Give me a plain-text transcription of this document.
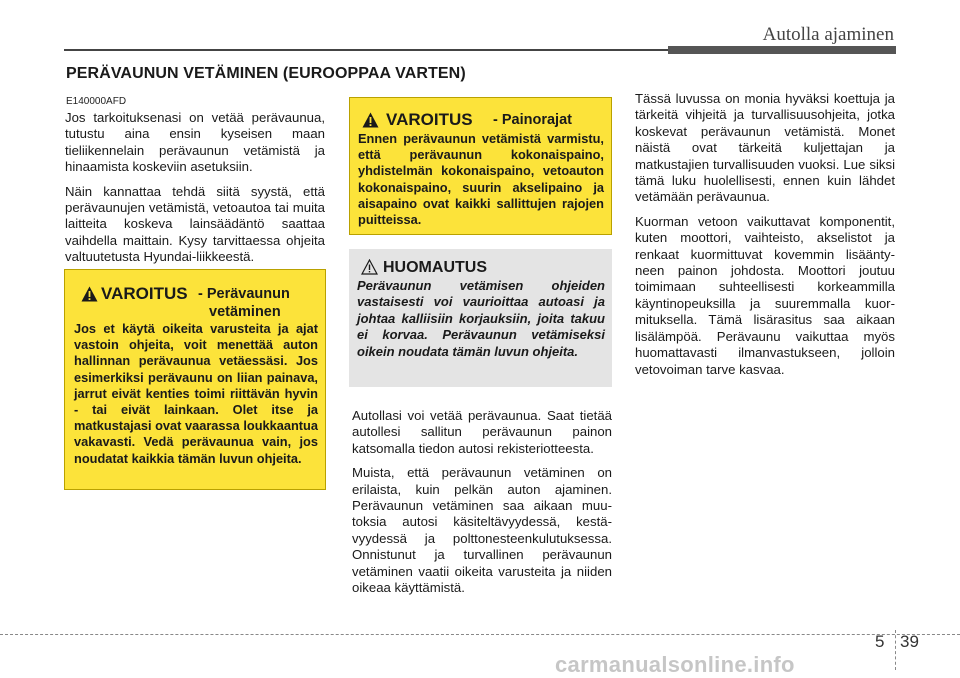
Autolla ajaminen
PERÄVAUNUN VETÄMINEN (EUROOPPAA VARTEN)
E140000AFD

Jos tarkoituksenasi on vetää perävaunua, tutustu aina ensin kyseisen maan tieliikennelain perävaunun vetämistä ja hinaamista koskeviin asetuksiin.

Näin kannattaa tehdä siitä syystä, että perävaunujen vetämistä, vetoautoa tai muita laitteita koskeva lainsäädäntö saattaa vaihdella maittain. Kysy tarvittaessa ohjeita valtuutetusta Hyundai-liikkeestä.

VAROITUS - Perävaunun
vetäminen
Jos et käytä oikeita varusteita ja ajat vastoin ohjeita, voit menettää auton hallinnan perävaunua vetäessäsi. Jos esimerkiksi perävaunu on liian painava, jarrut eivät kenties toimi riittävän hyvin - tai eivät lainkaan. Olet itse ja matkustajasi ovat vaarassa loukkaantua vakavasti. Vedä perävaunua vain, jos noudatat kaikkia tämän luvun ohjeita.
VAROITUS - Painorajat
Ennen perävaunun vetämistä varmistu, että perävaunun kokonaispaino, yhdistelmän kokonaispaino, vetoauton kokonaispaino, suurin akselipaino ja aisapaino ovat kaikki sallittujen rajojen puitteissa.
HUOMAUTUS
Perävaunun vetämisen ohjeiden vastaisesti voi vaurioittaa autoasi ja johtaa kalliisiin korjauksiin, joita takuu ei korvaa. Perävaunun vetämiseksi oikein noudata tämän luvun ohjeita.

Autollasi voi vetää perävaunua. Saat tietää autollesi sallitun perävaunun painon katsomalla tiedon autosi rekisteriotteesta.

Muista, että perävaunun vetäminen on erilaista, kuin pelkän auton ajaminen. Perävaunun vetäminen saa aikaan muutoksia autosi käsiteltävyydessä, kestävyydessä ja polttonesteenkulutuksessa. Onnistunut ja turvallinen perävaunun vetäminen vaatii oikeita varusteita ja niiden oikeaa käyttämistä.

Tässä luvussa on monia hyväksi koettuja ja tärkeitä vihjeitä ja turvallisuusohjeita, jotka koskevat perävaunun vetämistä. Monet näistä ovat tärkeitä kuljettajan ja matkustajien turvallisuuden vuoksi. Lue siksi tämä luku huolellisesti, ennen kuin lähdet vetämään perävaunua.

Kuorman vetoon vaikuttavat komponentit, kuten moottori, vaihteisto, akselistot ja renkaat kuormittuvat kovemmin lisääntyneen painon johdosta. Moottori joutuu toimimaan suhteellisesti korkeammilla käyntinopeuksilla ja suuremmalla kuormituksella. Tämä lisärasitus saa aikaan lisälämpöä. Perävaunu vaikuttaa myös huomattavasti ilmanvastukseen, jolloin vetovoiman tarve kasvaa.

5 39
carmanualsonline.info
